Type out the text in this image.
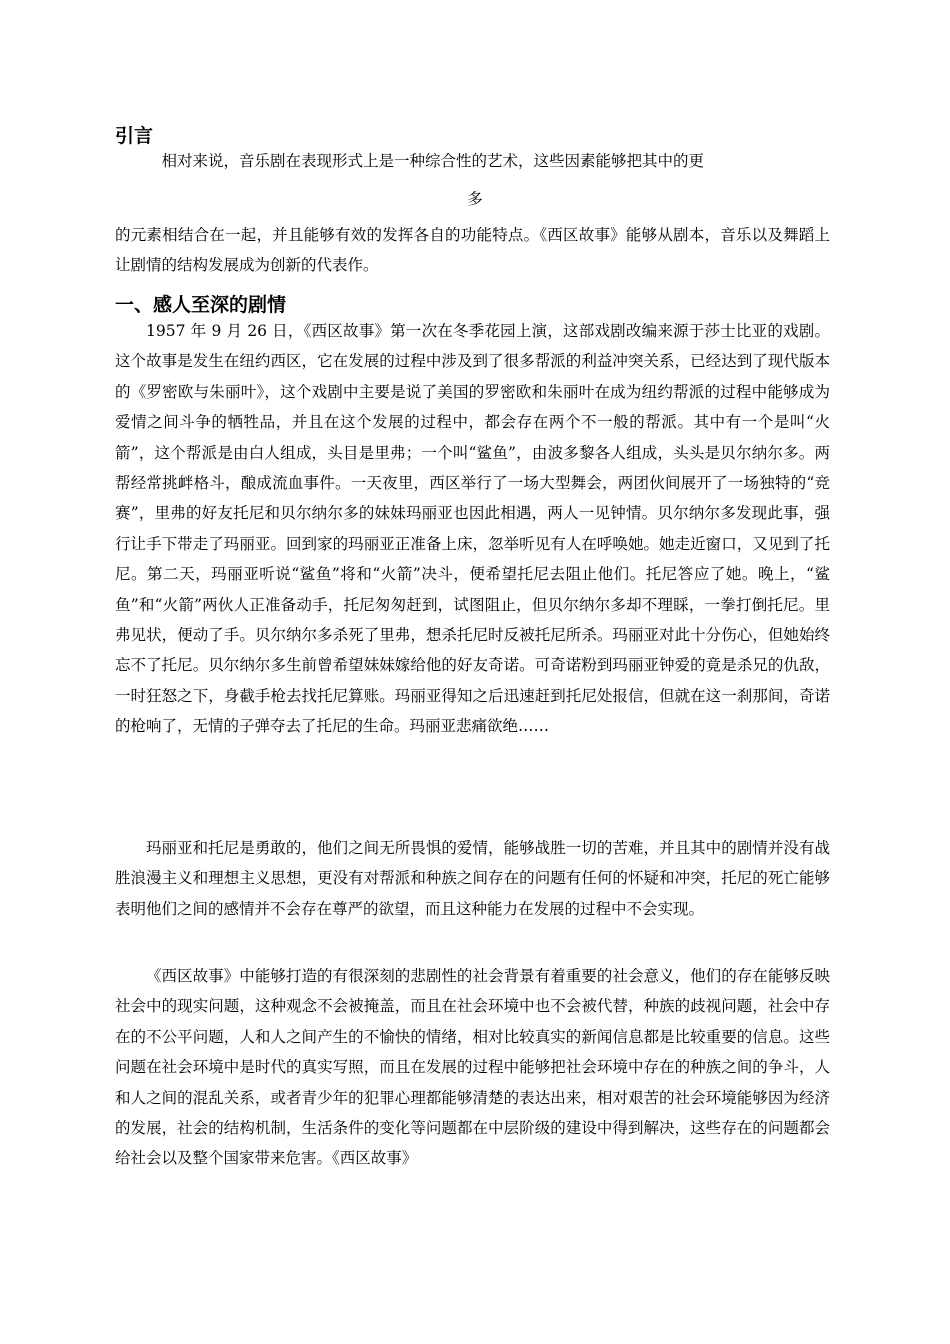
引言

相对来说，音乐剧在表现形式上是一种综合性的艺术，这些因素能够把其中的更

多

的元素相结合在一起，并且能够有效的发挥各自的功能特点。《西区故事》能够从剧本，音乐以及舞蹈上让剧情的结构发展成为创新的代表作。

一、感人至深的剧情

1957 年 9 月 26 日，《西区故事》第一次在冬季花园上演，这部戏剧改编来源于莎士比亚的戏剧。这个故事是发生在纽约西区，它在发展的过程中涉及到了很多帮派的利益冲突关系，已经达到了现代版本的《罗密欧与朱丽叶》，这个戏剧中主要是说了美国的罗密欧和朱丽叶在成为纽约帮派的过程中能够成为爱情之间斗争的牺牲品，并且在这个发展的过程中，都会存在两个不一般的帮派。其中有一个是叫“火箭”，这个帮派是由白人组成，头目是里弗；一个叫“鲨鱼”，由波多黎各人组成，头头是贝尔纳尔多。两帮经常挑衅格斗，酿成流血事件。一天夜里，西区举行了一场大型舞会，两团伙间展开了一场独特的“竞赛”，里弗的好友托尼和贝尔纳尔多的妹妹玛丽亚也因此相遇，两人一见钟情。贝尔纳尔多发现此事，强行让手下带走了玛丽亚。回到家的玛丽亚正准备上床，忽举听见有人在呼唤她。她走近窗口，又见到了托尼。第二天，玛丽亚听说“鲨鱼”将和“火箭”决斗，便希望托尼去阻止他们。托尼答应了她。晚上，“鲨鱼”和“火箭”两伙人正准备动手，托尼匆匆赶到，试图阻止，但贝尔纳尔多却不理睬，一拳打倒托尼。里弗见状，便动了手。贝尔纳尔多杀死了里弗，想杀托尼时反被托尼所杀。玛丽亚对此十分伤心，但她始终忘不了托尼。贝尔纳尔多生前曾希望妹妹嫁给他的好友奇诺。可奇诺粉到玛丽亚钟爱的竟是杀兄的仇敌，一时狂怒之下，身截手枪去找托尼算账。玛丽亚得知之后迅速赶到托尼处报信，但就在这一刹那间，奇诺的枪响了，无情的子弹夺去了托尼的生命。玛丽亚悲痛欲绝……

玛丽亚和托尼是勇敢的，他们之间无所畏惧的爱情，能够战胜一切的苦难，并且其中的剧情并没有战胜浪漫主义和理想主义思想，更没有对帮派和种族之间存在的问题有任何的怀疑和冲突，托尼的死亡能够表明他们之间的感情并不会存在尊严的欲望，而且这种能力在发展的过程中不会实现。

《西区故事》中能够打造的有很深刻的悲剧性的社会背景有着重要的社会意义，他们的存在能够反映社会中的现实问题，这种观念不会被掩盖，而且在社会环境中也不会被代替，种族的歧视问题，社会中存在的不公平问题，人和人之间产生的不愉快的情绪，相对比较真实的新闻信息都是比较重要的信息。这些问题在社会环境中是时代的真实写照，而且在发展的过程中能够把社会环境中存在的种族之间的争斗，人和人之间的混乱关系，或者青少年的犯罪心理都能够清楚的表达出来，相对艰苦的社会环境能够因为经济的发展，社会的结构机制，生活条件的变化等问题都在中层阶级的建设中得到解决，这些存在的问题都会给社会以及整个国家带来危害。《西区故事》
